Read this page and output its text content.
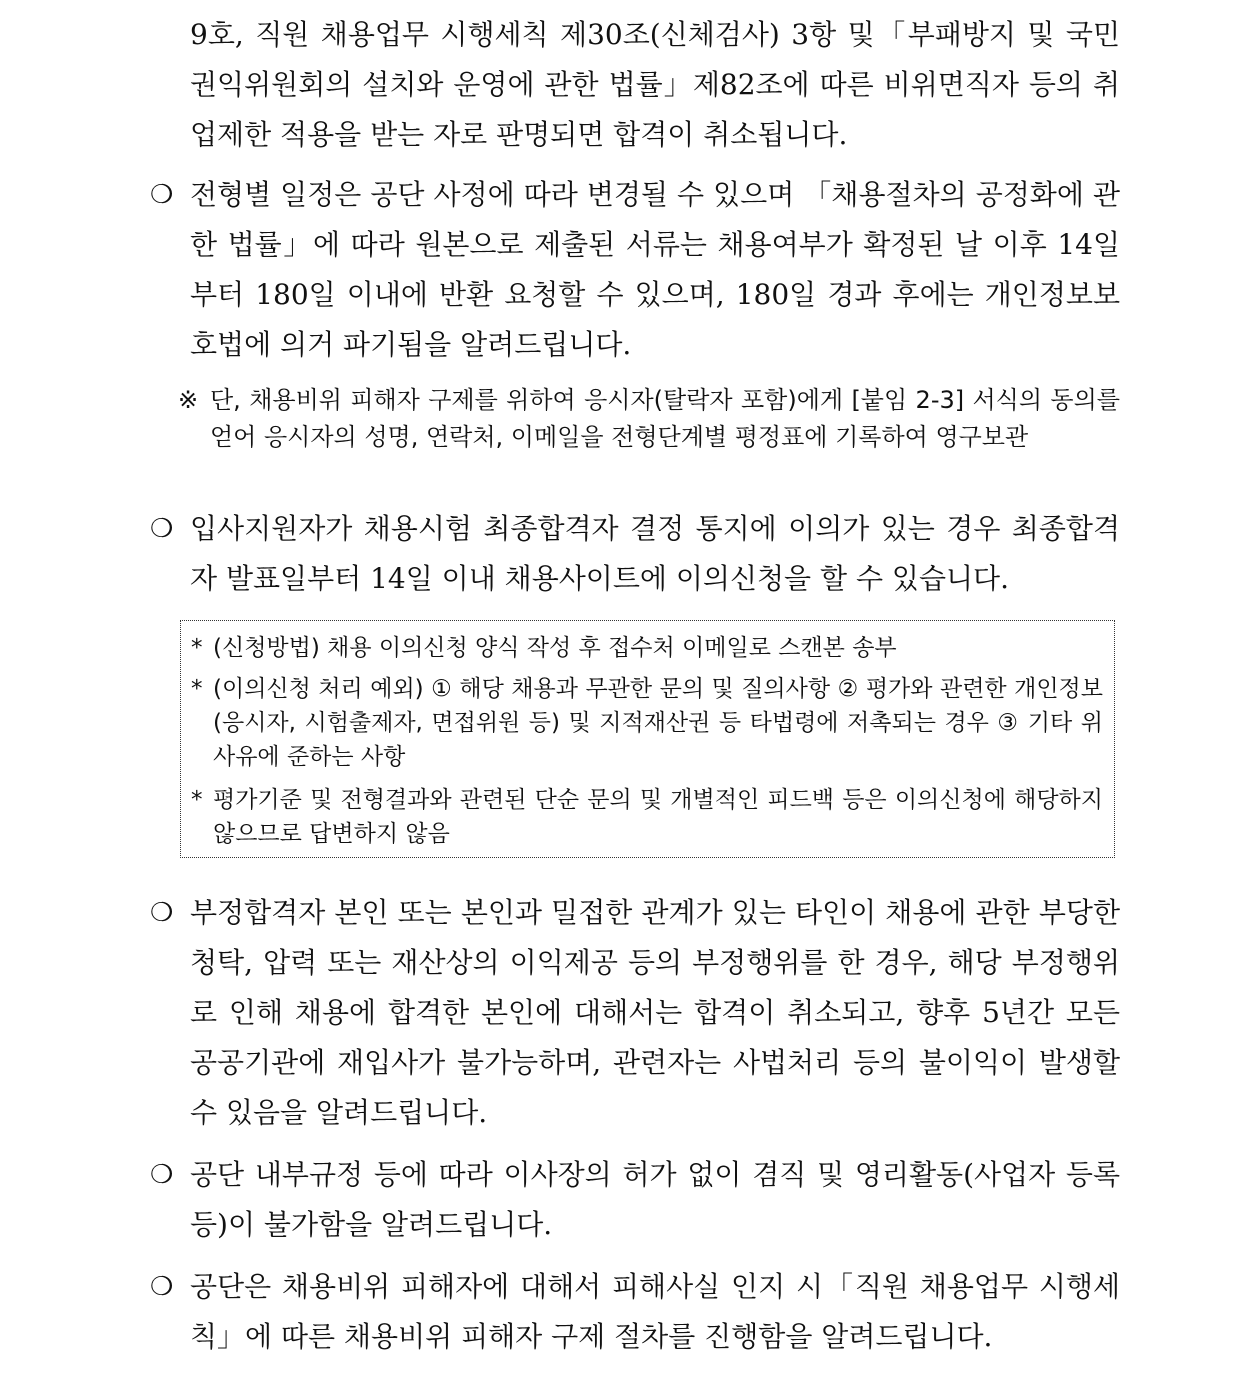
9호, 직원 채용업무 시행세칙 제30조(신체검사) 3항 및「부패방지 및 국민권익위원회의 설치와 운영에 관한 법률」제82조에 따른 비위면직자 등의 취업제한 적용을 받는 자로 판명되면 합격이 취소됩니다.
❍ 전형별 일정은 공단 사정에 따라 변경될 수 있으며 「채용절차의 공정화에 관한 법률」에 따라 원본으로 제출된 서류는 채용여부가 확정된 날 이후 14일부터 180일 이내에 반환 요청할 수 있으며, 180일 경과 후에는 개인정보보호법에 의거 파기됨을 알려드립니다.
※ 단, 채용비위 피해자 구제를 위하여 응시자(탈락자 포함)에게 [붙임 2-3] 서식의 동의를 얻어 응시자의 성명, 연락처, 이메일을 전형단계별 평정표에 기록하여 영구보관
❍ 입사지원자가 채용시험 최종합격자 결정 통지에 이의가 있는 경우 최종합격자 발표일부터 14일 이내 채용사이트에 이의신청을 할 수 있습니다.
* (신청방법) 채용 이의신청 양식 작성 후 접수처 이메일로 스캔본 송부
* (이의신청 처리 예외) ① 해당 채용과 무관한 문의 및 질의사항 ② 평가와 관련한 개인정보(응시자, 시험출제자, 면접위원 등) 및 지적재산권 등 타법령에 저촉되는 경우 ③ 기타 위 사유에 준하는 사항
* 평가기준 및 전형결과와 관련된 단순 문의 및 개별적인 피드백 등은 이의신청에 해당하지 않으므로 답변하지 않음
❍ 부정합격자 본인 또는 본인과 밀접한 관계가 있는 타인이 채용에 관한 부당한 청탁, 압력 또는 재산상의 이익제공 등의 부정행위를 한 경우, 해당 부정행위로 인해 채용에 합격한 본인에 대해서는 합격이 취소되고, 향후 5년간 모든 공공기관에 재입사가 불가능하며, 관련자는 사법처리 등의 불이익이 발생할 수 있음을 알려드립니다.
❍ 공단 내부규정 등에 따라 이사장의 허가 없이 겸직 및 영리활동(사업자 등록 등)이 불가함을 알려드립니다.
❍ 공단은 채용비위 피해자에 대해서 피해사실 인지 시「직원 채용업무 시행세칙」에 따른 채용비위 피해자 구제 절차를 진행함을 알려드립니다.
